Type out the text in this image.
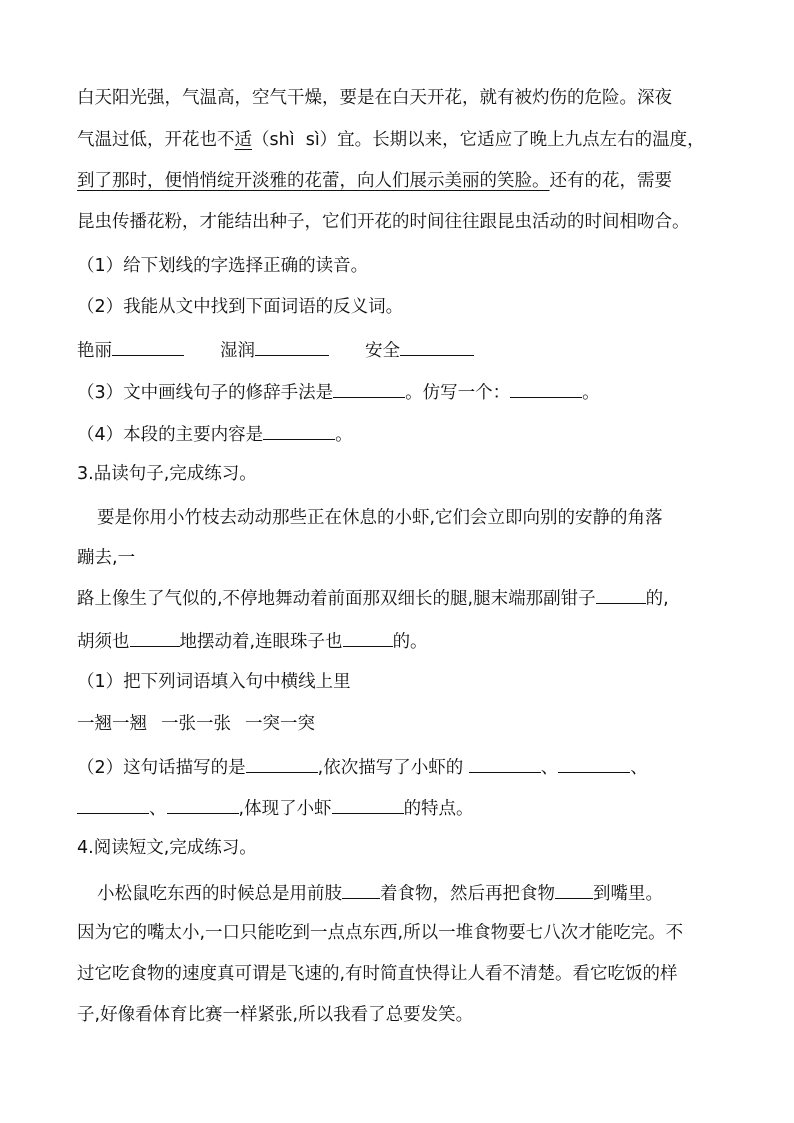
白天阳光强，气温高，空气干燥，要是在白天开花，就有被灼伤的危险。深夜

气温过低，开花也不适（shì  sì）宜。长期以来，它适应了晚上九点左右的温度，

到了那时，便悄悄绽开淡雅的花蕾，向人们展示美丽的笑脸。还有的花，需要

昆虫传播花粉，才能结出种子，它们开花的时间往往跟昆虫活动的时间相吻合。

（1）给下划线的字选择正确的读音。

（2）我能从文中找到下面词语的反义词。

艳丽	湿润	安全

（3）文中画线句子的修辞手法是	。仿写一个：	。

（4）本段的主要内容是	。

3.品读句子,完成练习。

要是你用小竹枝去动动那些正在休息的小虾,它们会立即向别的安静的角落

蹦去,一

路上像生了气似的,不停地舞动着前面那双细长的腿,腿末端那副钳子	的,

胡须也	地摆动着,连眼珠子也	的。

（1）把下列词语填入句中横线上里

一翘一翘 一张一张 一突一突

（2）这句话描写的是	,依次描写了小虾的	、	、

、	,体现了小虾	的特点。

4.阅读短文,完成练习。

小松鼠吃东西的时候总是用前肢 着食物，然后再把食物 到嘴里。

因为它的嘴太小,一口只能吃到一点点东西,所以一堆食物要七八次才能吃完。不

过它吃食物的速度真可谓是飞速的,有时简直快得让人看不清楚。看它吃饭的样

子,好像看体育比赛一样紧张,所以我看了总要发笑。
